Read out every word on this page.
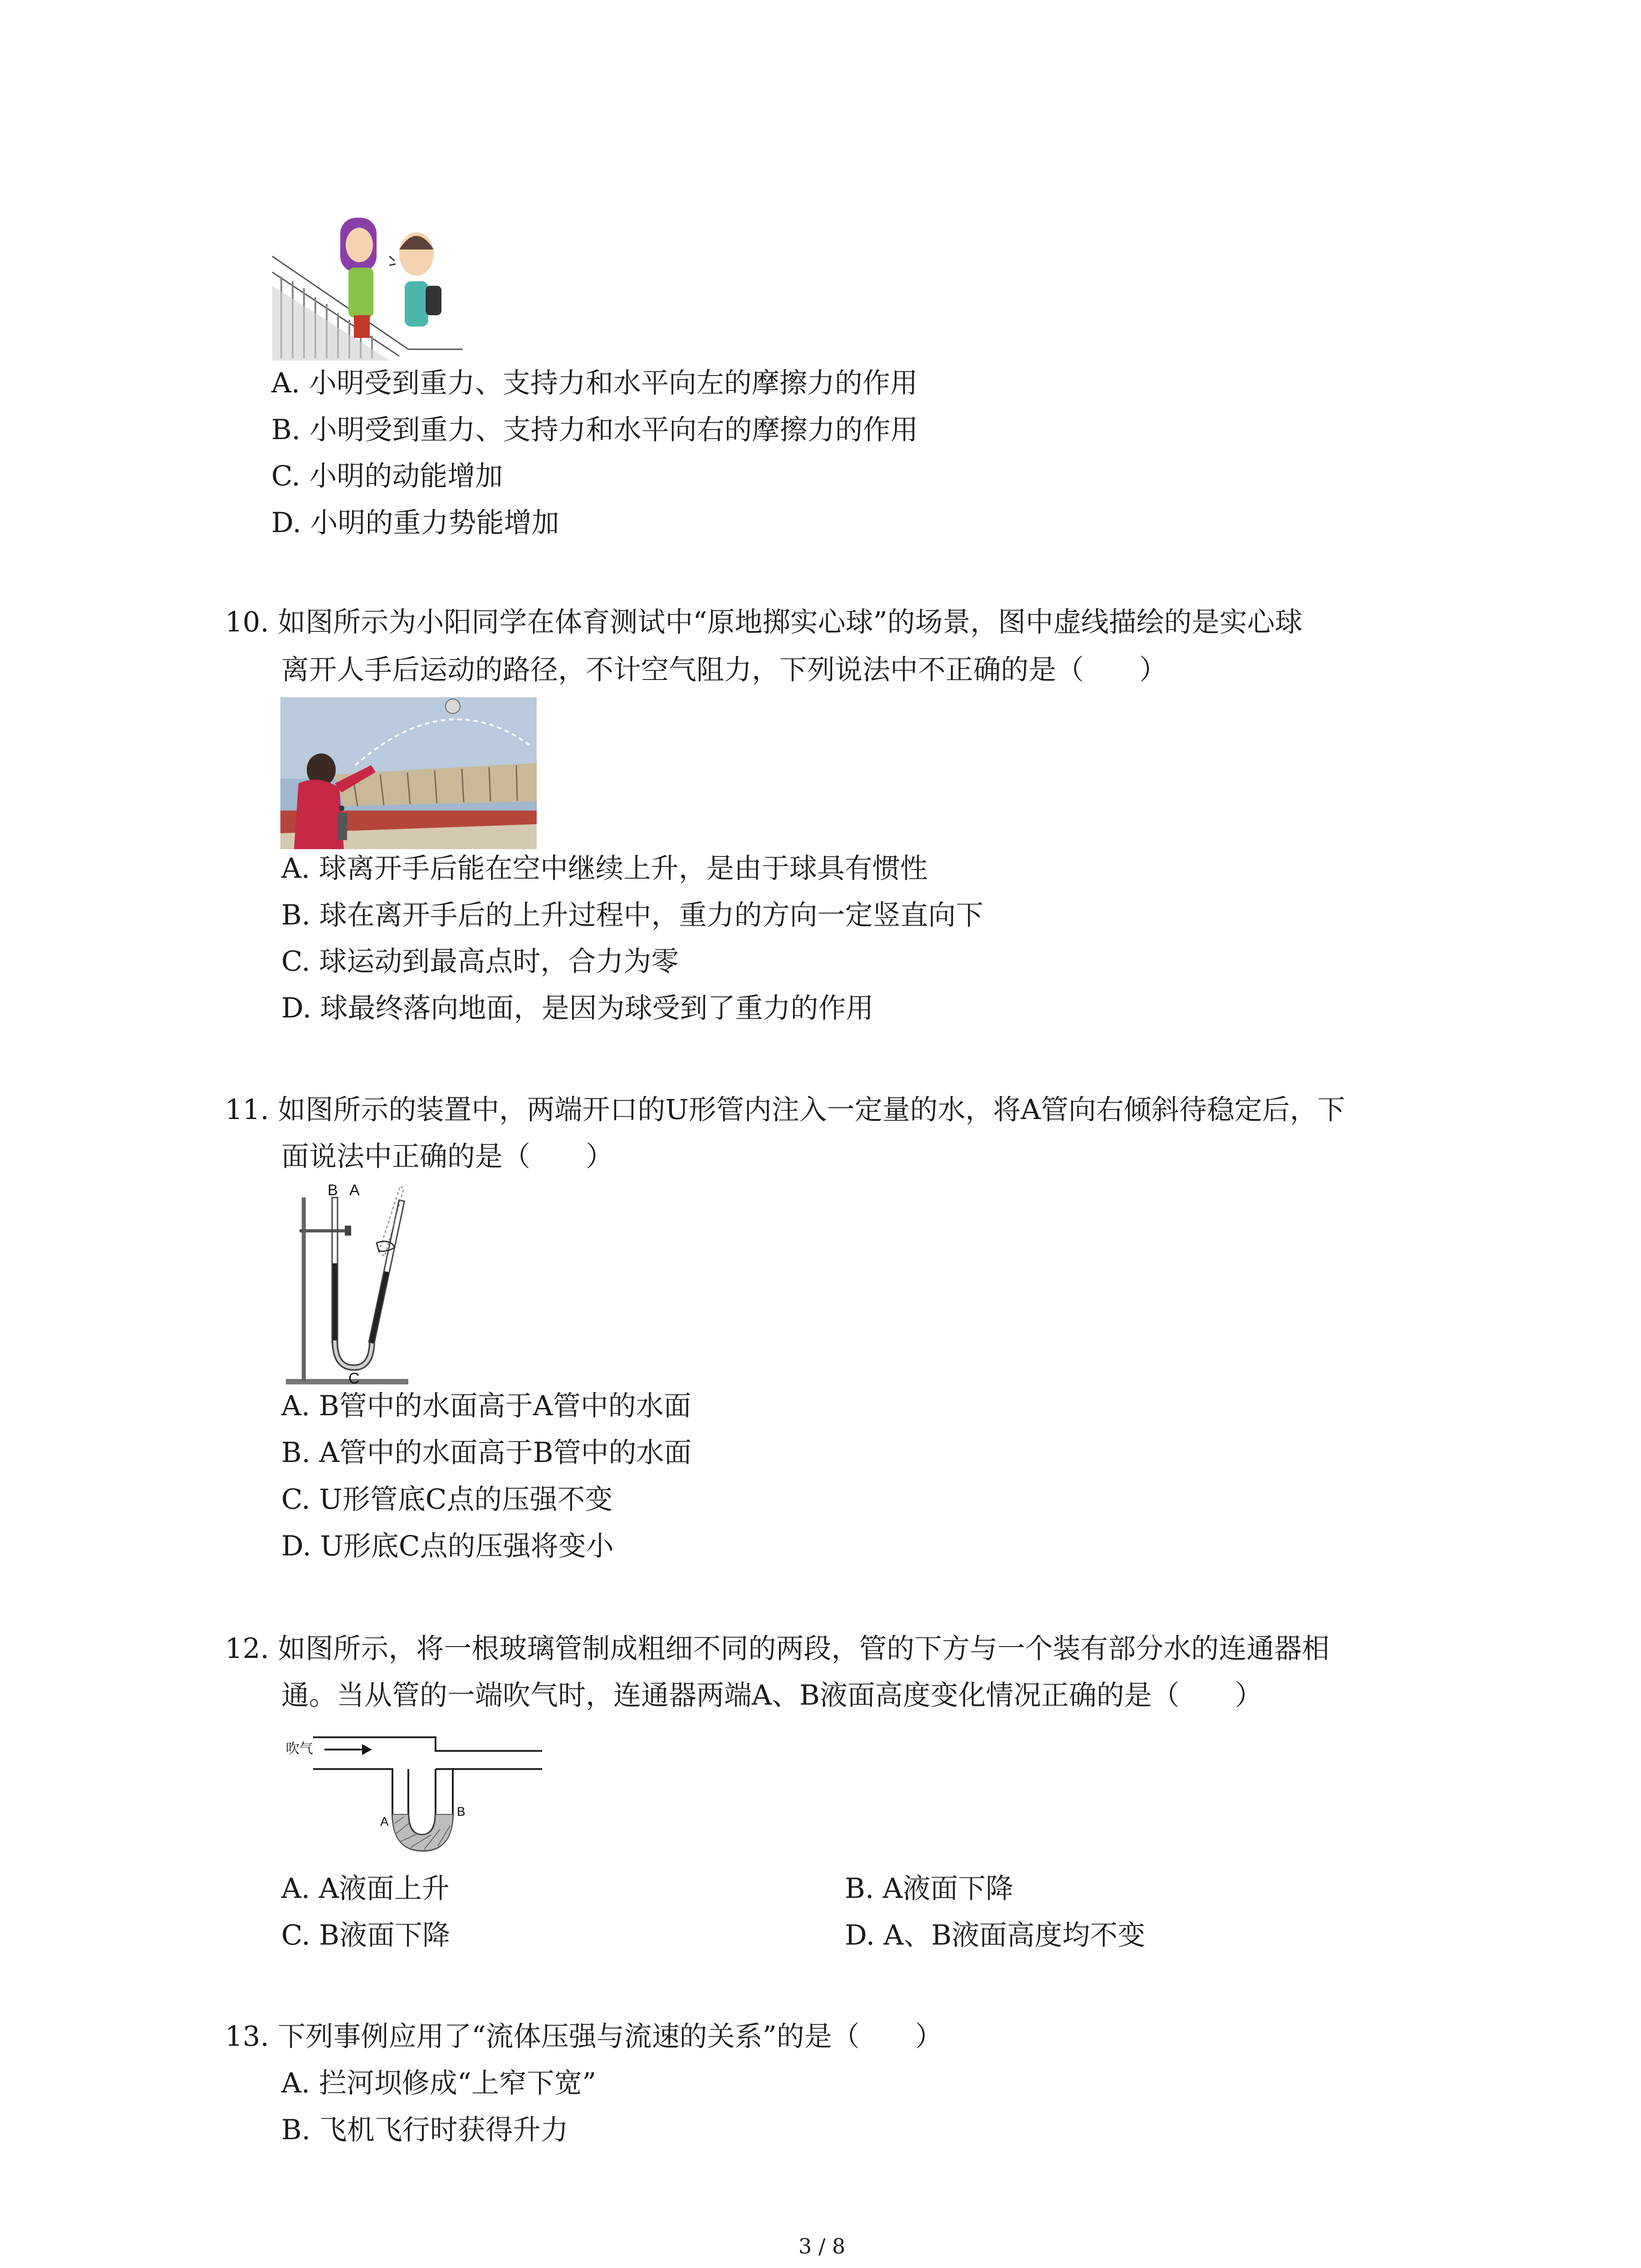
A. 小明受到重力、支持力和水平向左的摩擦力的作用
B. 小明受到重力、支持力和水平向右的摩擦力的作用
C. 小明的动能增加
D. 小明的重力势能增加
10. 如图所示为小阳同学在体育测试中“原地掷实心球”的场景，图中虚线描绘的是实心球
离开人手后运动的路径，不计空气阻力，下列说法中不正确的是（　　）
A. 球离开手后能在空中继续上升，是由于球具有惯性
B. 球在离开手后的上升过程中，重力的方向一定竖直向下
C. 球运动到最高点时，合力为零
D. 球最终落向地面，是因为球受到了重力的作用
11. 如图所示的装置中，两端开口的U形管内注入一定量的水，将A管向右倾斜待稳定后，下
面说法中正确的是（　　）
B A
C
A. B管中的水面高于A管中的水面
B. A管中的水面高于B管中的水面
C. U形管底C点的压强不变
D. U形底C点的压强将变小
12. 如图所示，将一根玻璃管制成粗细不同的两段，管的下方与一个装有部分水的连通器相
通。当从管的一端吹气时，连通器两端A、B液面高度变化情况正确的是（　　）
吹气
A
B
A. A液面上升	B. A液面下降
C. B液面下降	D. A、B液面高度均不变
13. 下列事例应用了“流体压强与流速的关系”的是（　　）
A. 拦河坝修成“上窄下宽”
B. 飞机飞行时获得升力
3 / 8
